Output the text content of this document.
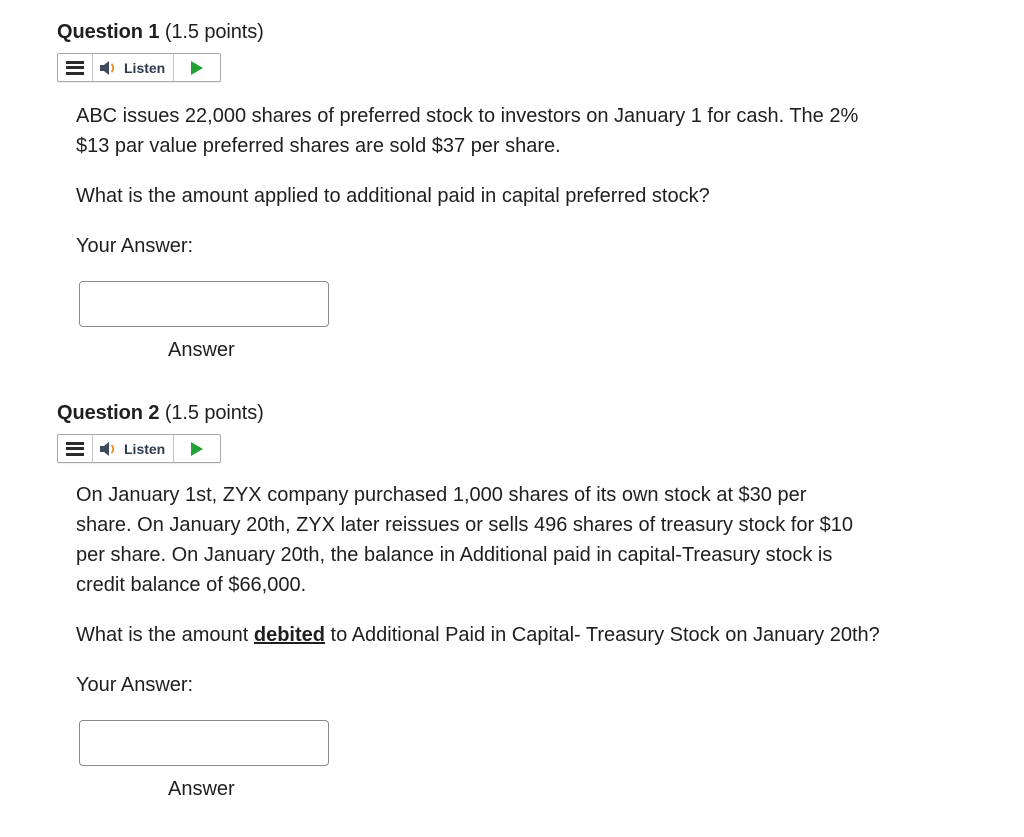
Question 1 (1.5 points)
Listen

ABC issues 22,000 shares of preferred stock to investors on January 1 for cash. The 2% $13 par value preferred shares are sold $37 per share.

What is the amount applied to additional paid in capital preferred stock?

Your Answer:

Answer
Question 2 (1.5 points)
Listen

On January 1st, ZYX company purchased 1,000 shares of its own stock at $30 per share. On January 20th, ZYX later reissues or sells 496 shares of treasury stock for $10 per share. On January 20th, the balance in Additional paid in capital-Treasury stock is credit balance of $66,000.

What is the amount debited to Additional Paid in Capital- Treasury Stock on January 20th?

Your Answer:

Answer
